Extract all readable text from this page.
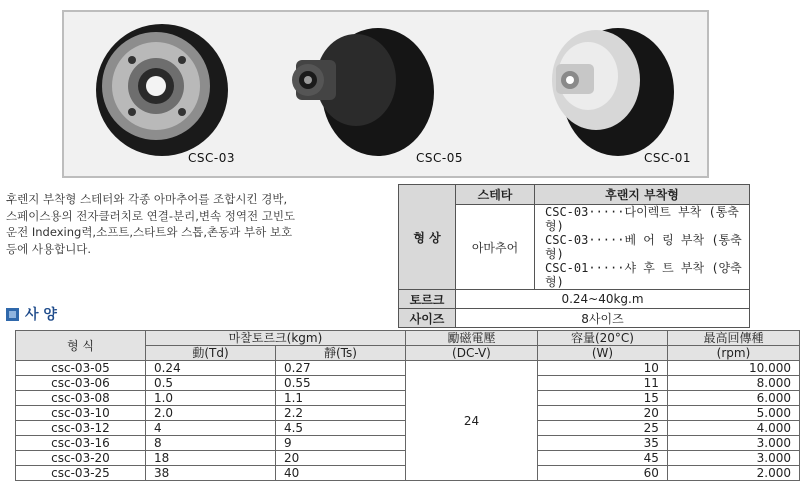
CSC-03	CSC-05	CSC-01
후렌지 부착형 스테터와 각종 아마추어를 조합시킨 경박,
스페이스용의 전자클러치로 연결-분리,변속 정역전 고빈도
운전 Indexing력,소프트,스타트와 스톱,촌동과 부하 보호
등에 사용합니다.
형 상	스테타	후랜지 부착형
	아마추어	CSC-03·····다이렉트 부착 (통축형)
CSC-03·····베 어 링 부착 (통축형)
CSC-01·····샤 후 트 부착 (양축형)

토르크	0.24~40kg.m	
사이즈	8사이즈	
사 양
형 식	마찰토르크(kgm)		勵磁電壓	容量(20°C)	最高回傳種
	動(Td)	靜(Ts)	(DC-V)	(W)	(rpm)
csc-03-05	0.24	0.27	24	10	10.000
csc-03-06	0.5	0.55		11	8.000
csc-03-08	1.0	1.1		15	6.000
csc-03-10	2.0	2.2		20	5.000
csc-03-12	4	4.5		25	4.000
csc-03-16	8	9		35	3.000
csc-03-20	18	20		45	3.000
csc-03-25	38	40		60	2.000
